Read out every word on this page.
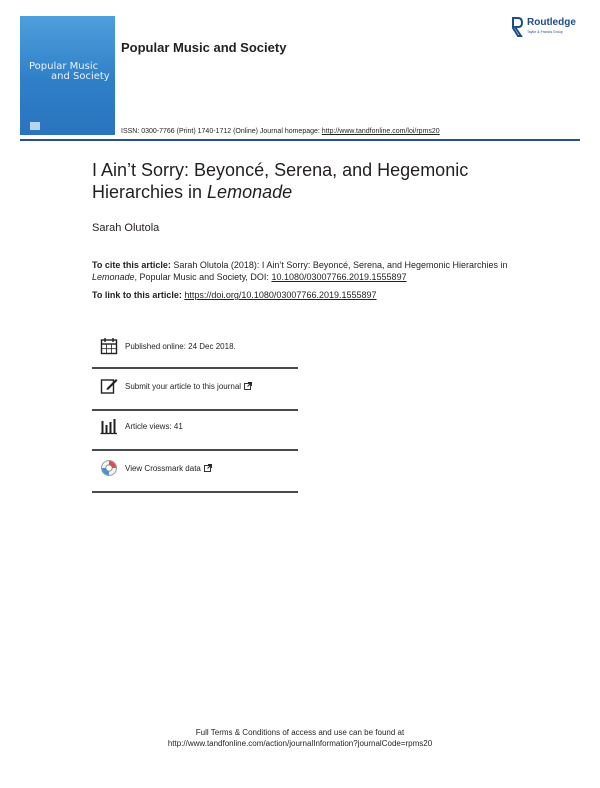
Popular Music
and Society
Popular Music and Society
Routledge
Taylor & Francis Group
ISSN: 0300-7766 (Print) 1740-1712 (Online) Journal homepage: http://www.tandfonline.com/loi/rpms20
I Ain’t Sorry: Beyoncé, Serena, and Hegemonic Hierarchies in Lemonade
Sarah Olutola
To cite this article: Sarah Olutola (2018): I Ain’t Sorry: Beyoncé, Serena, and Hegemonic Hierarchies in Lemonade, Popular Music and Society, DOI: 10.1080/03007766.2019.1555897
To link to this article: https://doi.org/10.1080/03007766.2019.1555897
Published online: 24 Dec 2018.
Submit your article to this journal
Article views: 41
View Crossmark data
Full Terms & Conditions of access and use can be found at
http://www.tandfonline.com/action/journalInformation?journalCode=rpms20
